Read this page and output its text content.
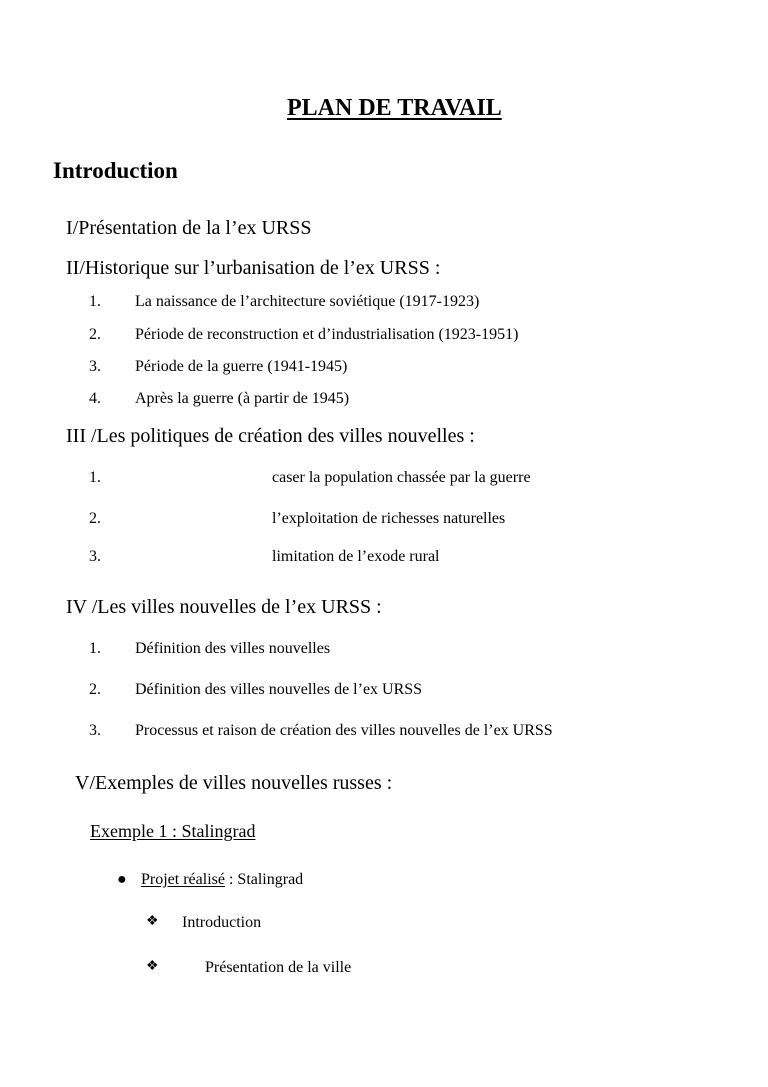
PLAN DE TRAVAIL
Introduction
I/Présentation de la l’ex URSS
II/Historique sur l’urbanisation de l’ex URSS :
1. La naissance de l’architecture soviétique (1917-1923)
2. Période de reconstruction et d’industrialisation (1923-1951)
3. Période de la guerre (1941-1945)
4. Après la guerre (à partir de 1945)
III /Les politiques de création des villes nouvelles :
1.	caser la population chassée par la guerre
2.	l’exploitation de richesses naturelles
3.	limitation de l’exode rural
IV /Les villes nouvelles de l’ex URSS :
1. Définition des villes nouvelles
2. Définition des villes nouvelles de l’ex URSS
3. Processus et raison de création des villes nouvelles de l’ex URSS
V/Exemples de villes nouvelles russes :
Exemple 1 : Stalingrad
● Projet réalisé : Stalingrad
❖ Introduction
❖	Présentation de la ville
